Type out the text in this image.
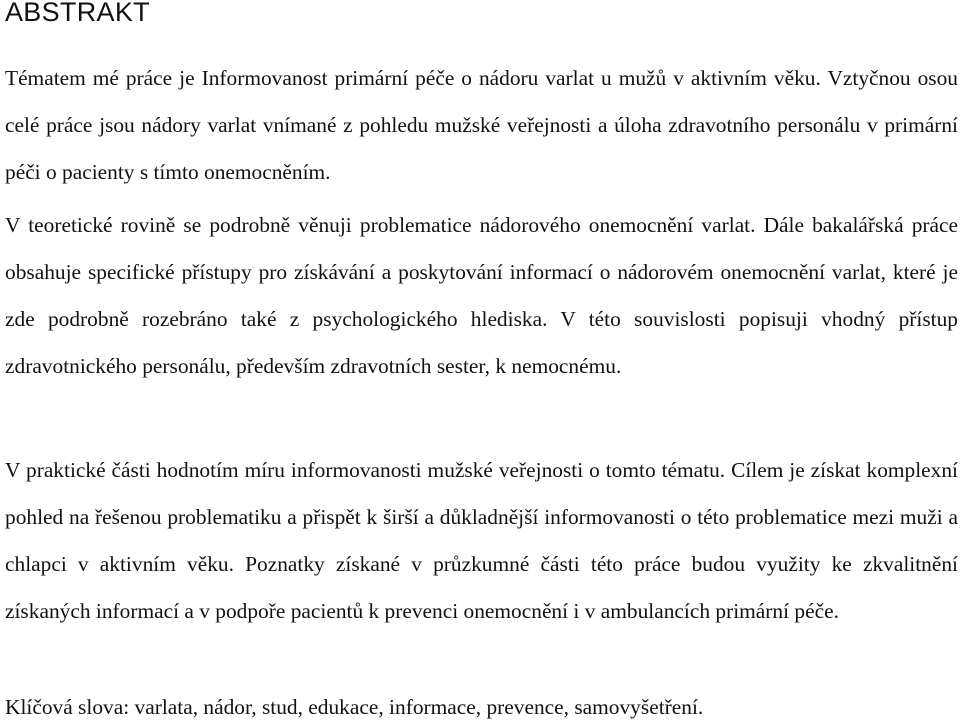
ABSTRAKT

Tématem mé práce je Informovanost primární péče o nádoru varlat u mužů v aktivním věku. Vztyčnou osou celé práce jsou nádory varlat vnímané z pohledu mužské veřejnosti a úloha zdravotního personálu v primární péči o pacienty s tímto onemocněním.

V teoretické rovině se podrobně věnuji problematice nádorového onemocnění varlat. Dále bakalářská práce obsahuje specifické přístupy pro získávání a poskytování informací o nádorovém onemocnění varlat, které je zde podrobně rozebráno také z psychologického hlediska. V této souvislosti popisuji vhodný přístup zdravotnického personálu, především zdravotních sester, k nemocnému.

V praktické části hodnotím míru informovanosti mužské veřejnosti o tomto tématu. Cílem je získat komplexní pohled na řešenou problematiku a přispět k širší a důkladnější informovanosti o této problematice mezi muži a chlapci v aktivním věku. Poznatky získané v průzkumné části této práce budou využity ke zkvalitnění získaných informací a v podpoře pacientů k prevenci onemocnění i v ambulancích primární péče.

Klíčová slova: varlata, nádor, stud, edukace, informace, prevence, samovyšetření.
